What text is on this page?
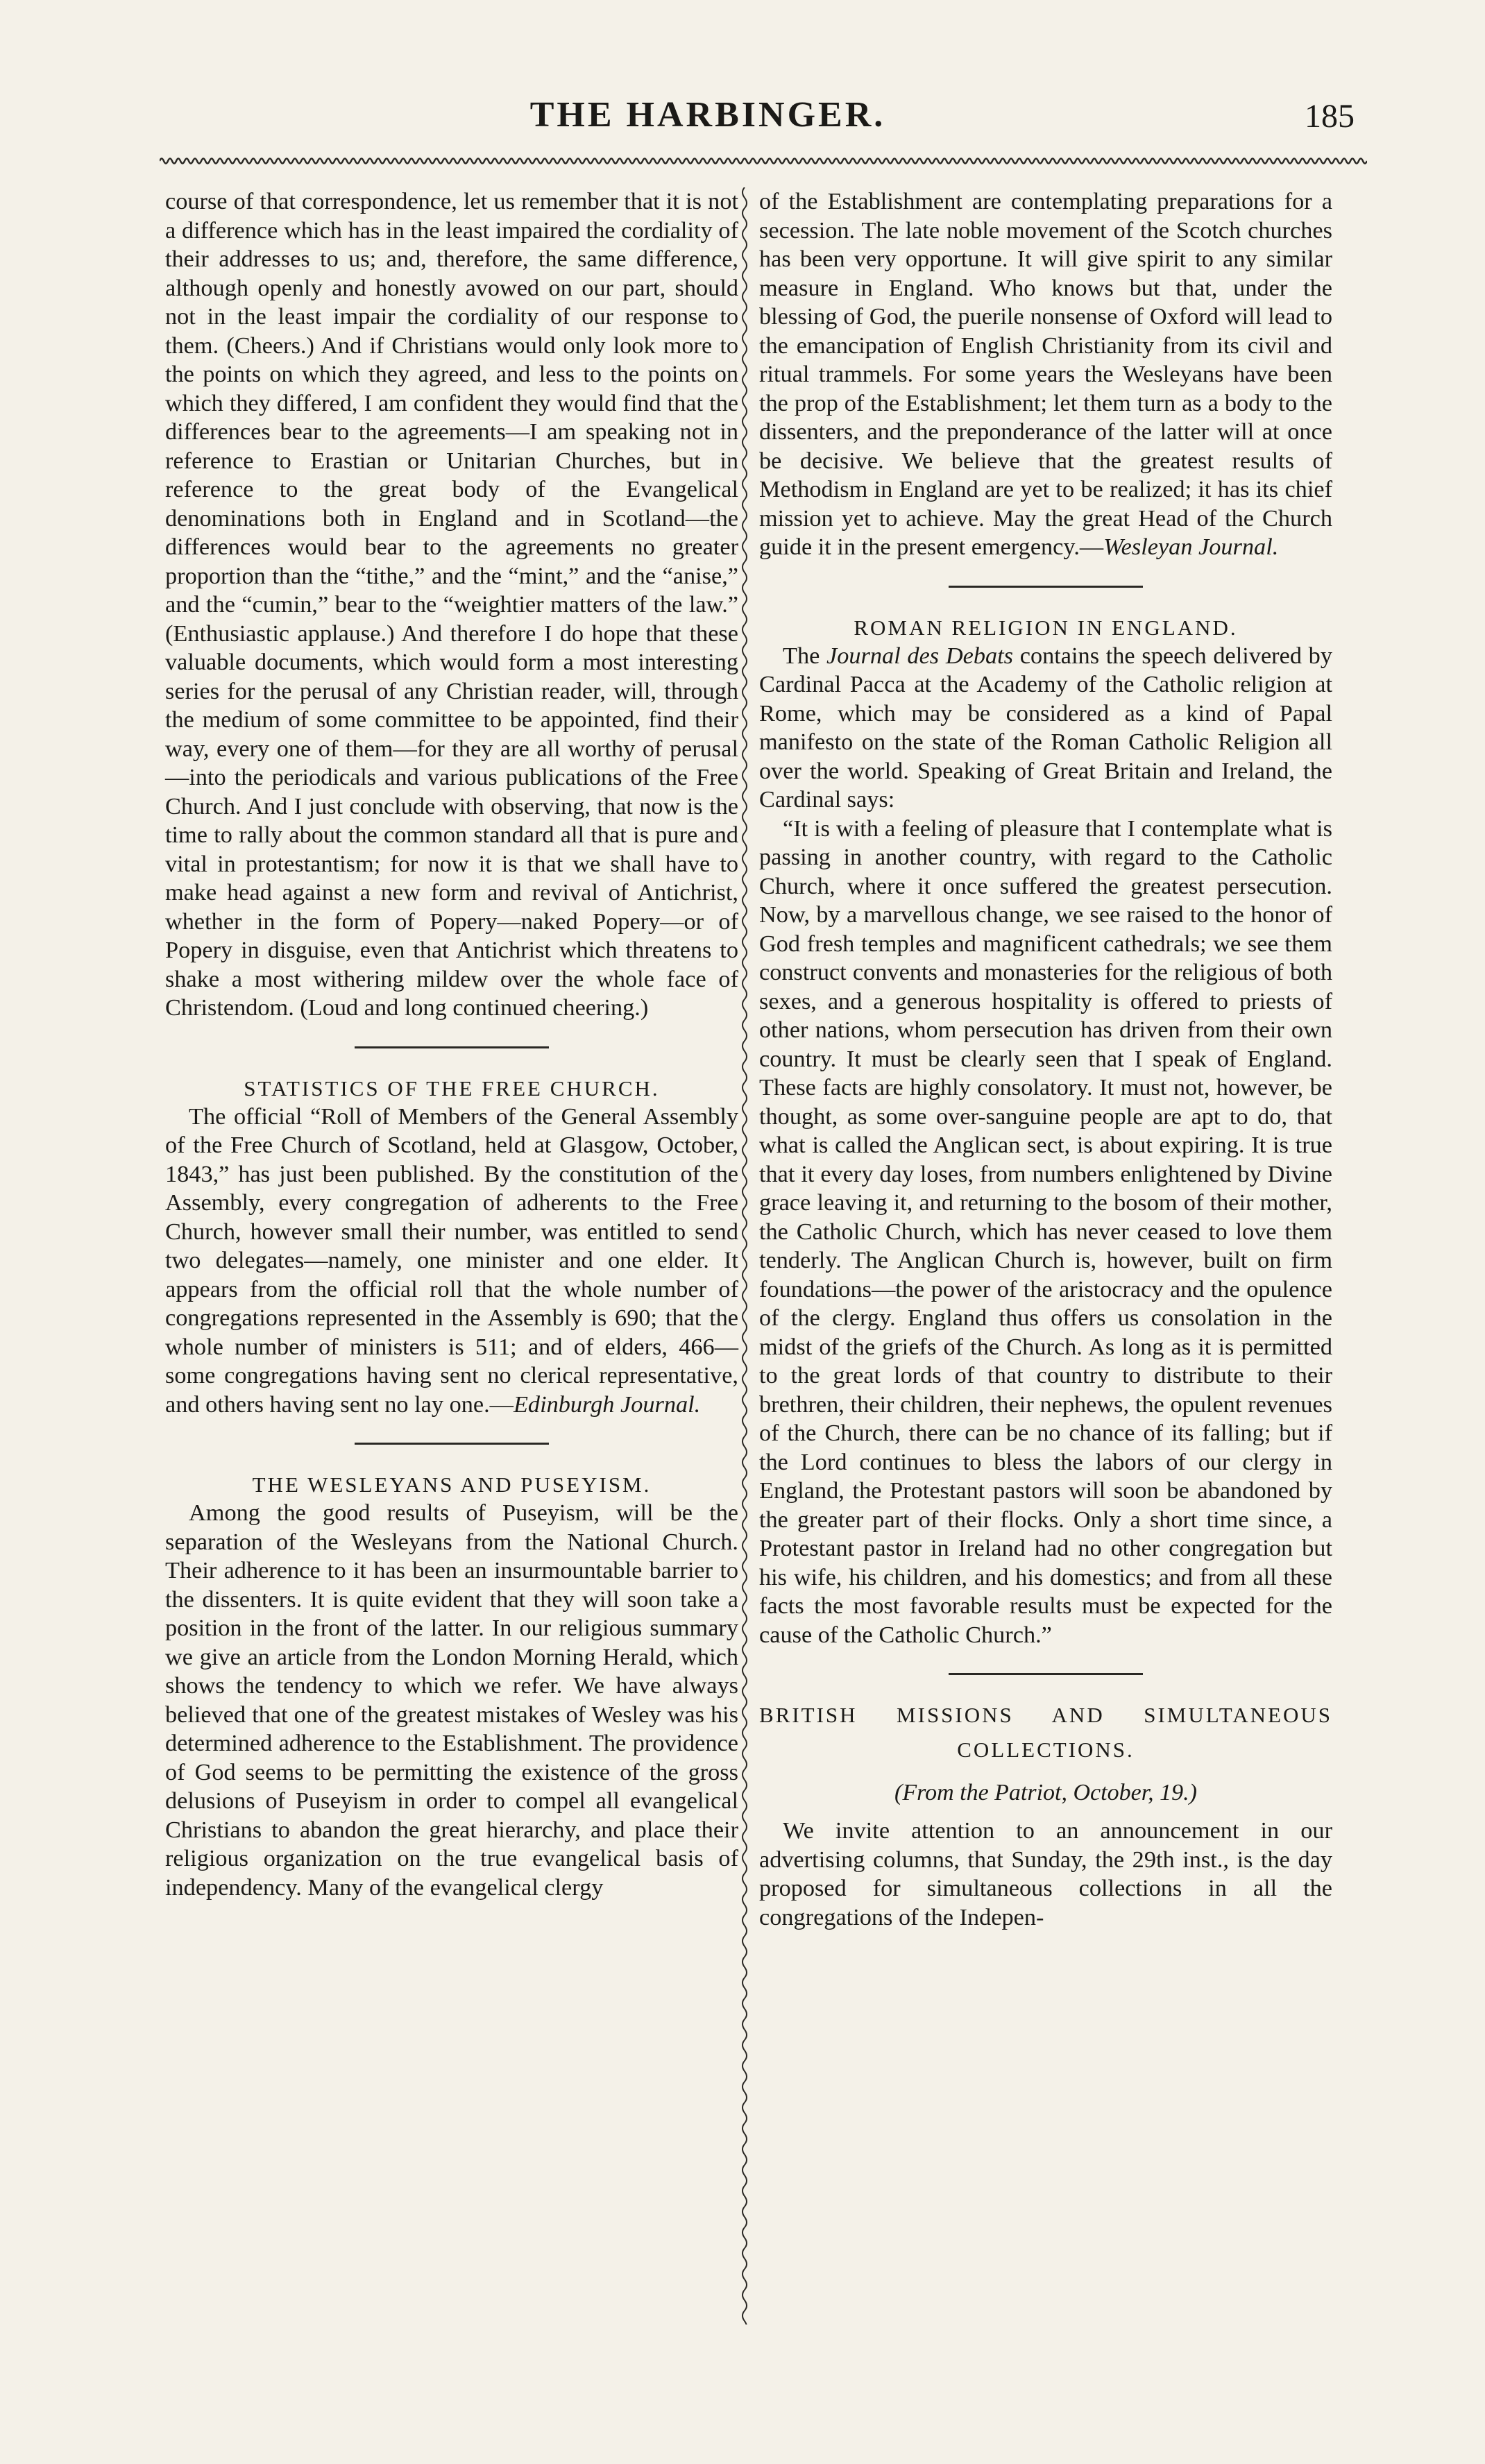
THE HARBINGER.	185

course of that correspondence, let us remember that it is not a difference which has in the least impaired the cordiality of their addresses to us; and, therefore, the same difference, although openly and honestly avowed on our part, should not in the least impair the cordiality of our response to them. (Cheers.) And if Christians would only look more to the points on which they agreed, and less to the points on which they differed, I am confident they would find that the differences bear to the agreements—I am speaking not in reference to Erastian or Unitarian Churches, but in reference to the great body of the Evangelical denominations both in England and in Scotland—the differences would bear to the agreements no greater proportion than the “tithe,” and the “mint,” and the “anise,” and the “cumin,” bear to the “weightier matters of the law.” (Enthusiastic applause.) And therefore I do hope that these valuable documents, which would form a most interesting series for the perusal of any Christian reader, will, through the medium of some committee to be appointed, find their way, every one of them—for they are all worthy of perusal—into the periodicals and various publications of the Free Church. And I just conclude with observing, that now is the time to rally about the common standard all that is pure and vital in protestantism; for now it is that we shall have to make head against a new form and revival of Antichrist, whether in the form of Popery—naked Popery—or of Popery in disguise, even that Antichrist which threatens to shake a most withering mildew over the whole face of Christendom. (Loud and long continued cheering.)

STATISTICS OF THE FREE CHURCH.

The official “Roll of Members of the General Assembly of the Free Church of Scotland, held at Glasgow, October, 1843,” has just been published. By the constitution of the Assembly, every congregation of adherents to the Free Church, however small their number, was entitled to send two delegates—namely, one minister and one elder. It appears from the official roll that the whole number of congregations represented in the Assembly is 690; that the whole number of ministers is 511; and of elders, 466—some congregations having sent no clerical representative, and others having sent no lay one.—Edinburgh Journal.

THE WESLEYANS AND PUSEYISM.

Among the good results of Puseyism, will be the separation of the Wesleyans from the National Church. Their adherence to it has been an insurmountable barrier to the dissenters. It is quite evident that they will soon take a position in the front of the latter. In our religious summary we give an article from the London Morning Herald, which shows the tendency to which we refer. We have always believed that one of the greatest mistakes of Wesley was his determined adherence to the Establishment. The providence of God seems to be permitting the existence of the gross delusions of Puseyism in order to compel all evangelical Christians to abandon the great hierarchy, and place their religious organization on the true evangelical basis of independency. Many of the evangelical clergy

of the Establishment are contemplating preparations for a secession. The late noble movement of the Scotch churches has been very opportune. It will give spirit to any similar measure in England. Who knows but that, under the blessing of God, the puerile nonsense of Oxford will lead to the emancipation of English Christianity from its civil and ritual trammels. For some years the Wesleyans have been the prop of the Establishment; let them turn as a body to the dissenters, and the preponderance of the latter will at once be decisive. We believe that the greatest results of Methodism in England are yet to be realized; it has its chief mission yet to achieve. May the great Head of the Church guide it in the present emergency.—Wesleyan Journal.

ROMAN RELIGION IN ENGLAND.

The Journal des Debats contains the speech delivered by Cardinal Pacca at the Academy of the Catholic religion at Rome, which may be considered as a kind of Papal manifesto on the state of the Roman Catholic Religion all over the world. Speaking of Great Britain and Ireland, the Cardinal says:

“It is with a feeling of pleasure that I contemplate what is passing in another country, with regard to the Catholic Church, where it once suffered the greatest persecution. Now, by a marvellous change, we see raised to the honor of God fresh temples and magnificent cathedrals; we see them construct convents and monasteries for the religious of both sexes, and a generous hospitality is offered to priests of other nations, whom persecution has driven from their own country. It must be clearly seen that I speak of England. These facts are highly consolatory. It must not, however, be thought, as some over-sanguine people are apt to do, that what is called the Anglican sect, is about expiring. It is true that it every day loses, from numbers enlightened by Divine grace leaving it, and returning to the bosom of their mother, the Catholic Church, which has never ceased to love them tenderly. The Anglican Church is, however, built on firm foundations—the power of the aristocracy and the opulence of the clergy. England thus offers us consolation in the midst of the griefs of the Church. As long as it is permitted to the great lords of that country to distribute to their brethren, their children, their nephews, the opulent revenues of the Church, there can be no chance of its falling; but if the Lord continues to bless the labors of our clergy in England, the Protestant pastors will soon be abandoned by the greater part of their flocks. Only a short time since, a Protestant pastor in Ireland had no other congregation but his wife, his children, and his domestics; and from all these facts the most favorable results must be expected for the cause of the Catholic Church.”

BRITISH MISSIONS AND SIMULTANEOUS

COLLECTIONS.

(From the Patriot, October, 19.)

We invite attention to an announcement in our advertising columns, that Sunday, the 29th inst., is the day proposed for simultaneous collections in all the congregations of the Indepen-
